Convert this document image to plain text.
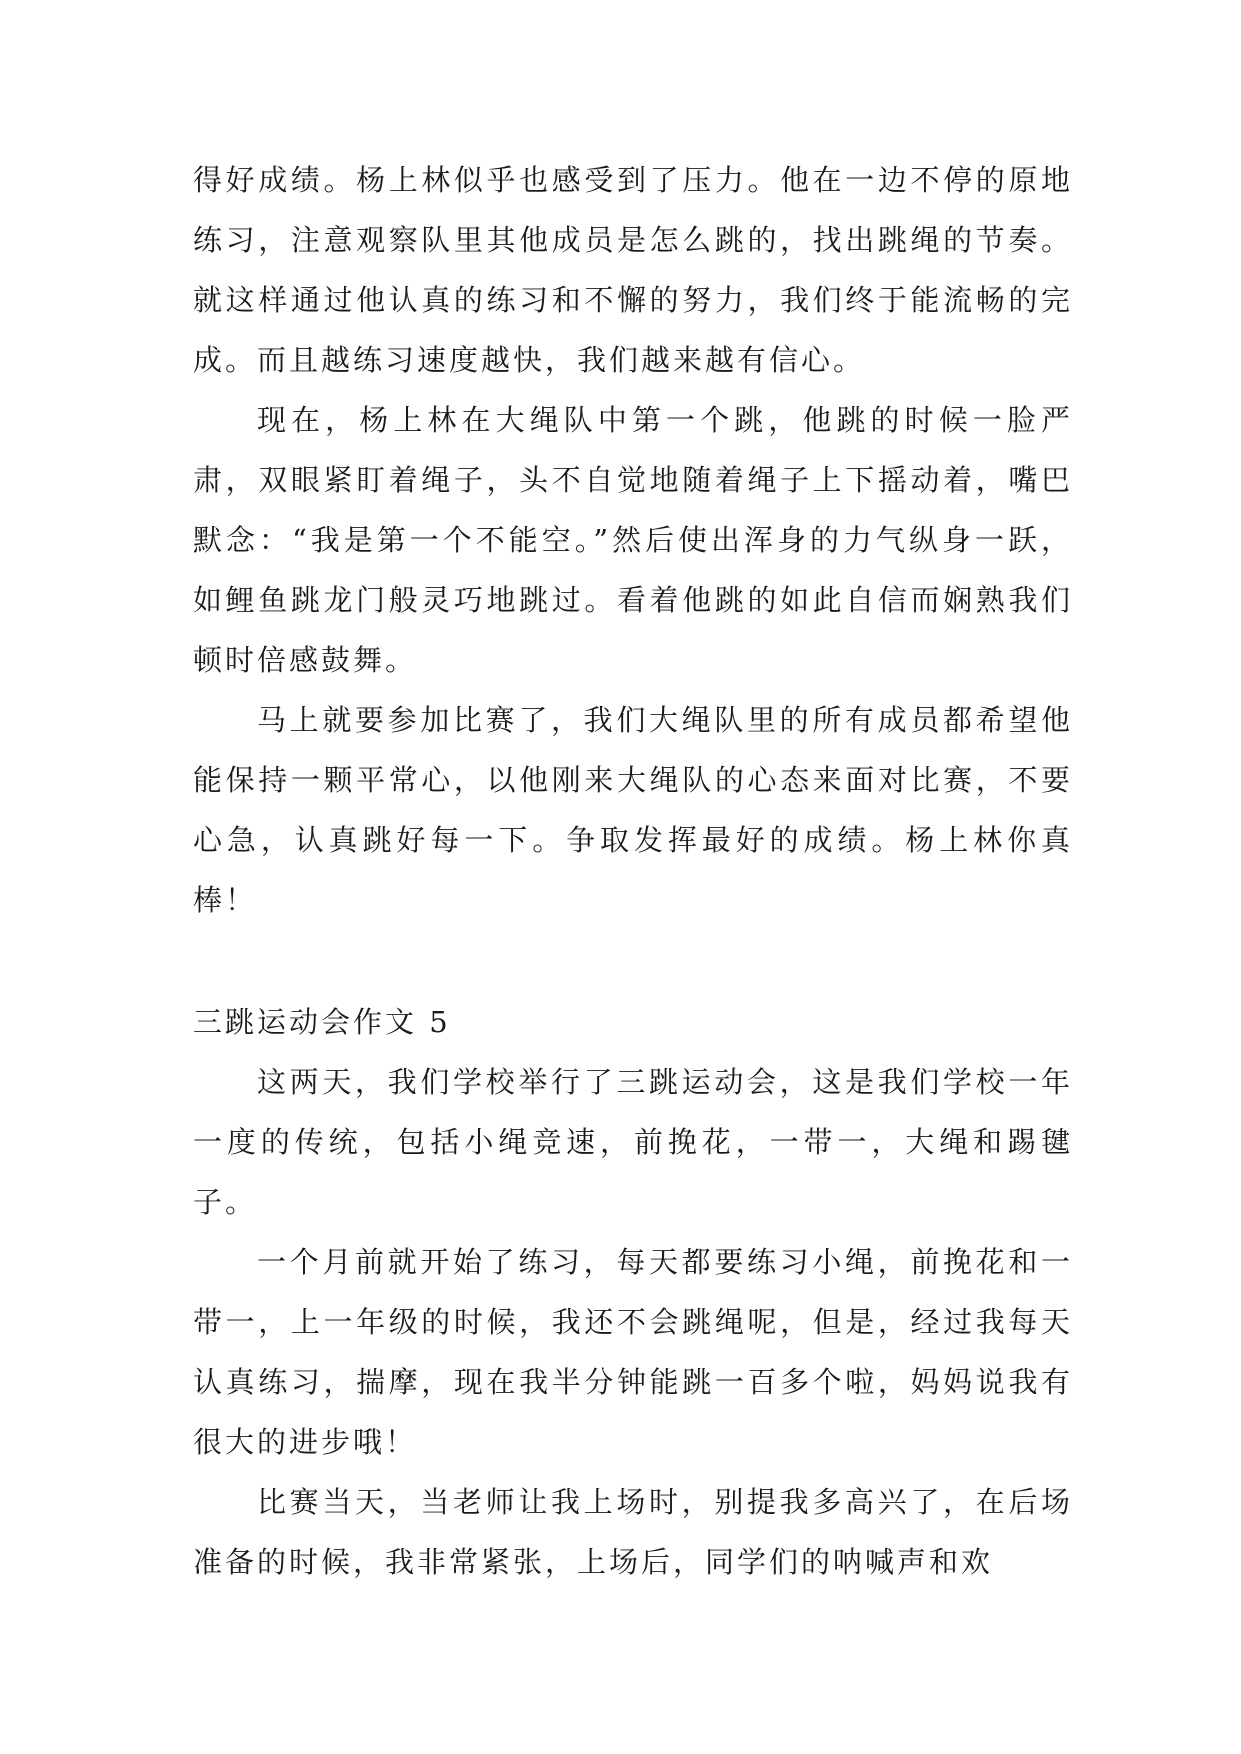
得好成绩。杨上林似乎也感受到了压力。他在一边不停的原地练习，注意观察队里其他成员是怎么跳的，找出跳绳的节奏。就这样通过他认真的练习和不懈的努力，我们终于能流畅的完成。而且越练习速度越快，我们越来越有信心。

现在，杨上林在大绳队中第一个跳，他跳的时候一脸严肃，双眼紧盯着绳子，头不自觉地随着绳子上下摇动着，嘴巴默念：“我是第一个不能空。”然后使出浑身的力气纵身一跃，如鲤鱼跳龙门般灵巧地跳过。看着他跳的如此自信而娴熟我们顿时倍感鼓舞。

马上就要参加比赛了，我们大绳队里的所有成员都希望他能保持一颗平常心，以他刚来大绳队的心态来面对比赛，不要心急，认真跳好每一下。争取发挥最好的成绩。杨上林你真棒！

三跳运动会作文 5

这两天，我们学校举行了三跳运动会，这是我们学校一年一度的传统，包括小绳竞速，前挽花，一带一，大绳和踢毽子。

一个月前就开始了练习，每天都要练习小绳，前挽花和一带一，上一年级的时候，我还不会跳绳呢，但是，经过我每天认真练习，揣摩，现在我半分钟能跳一百多个啦，妈妈说我有很大的进步哦！

比赛当天，当老师让我上场时，别提我多高兴了，在后场准备的时候，我非常紧张，上场后，同学们的呐喊声和欢
